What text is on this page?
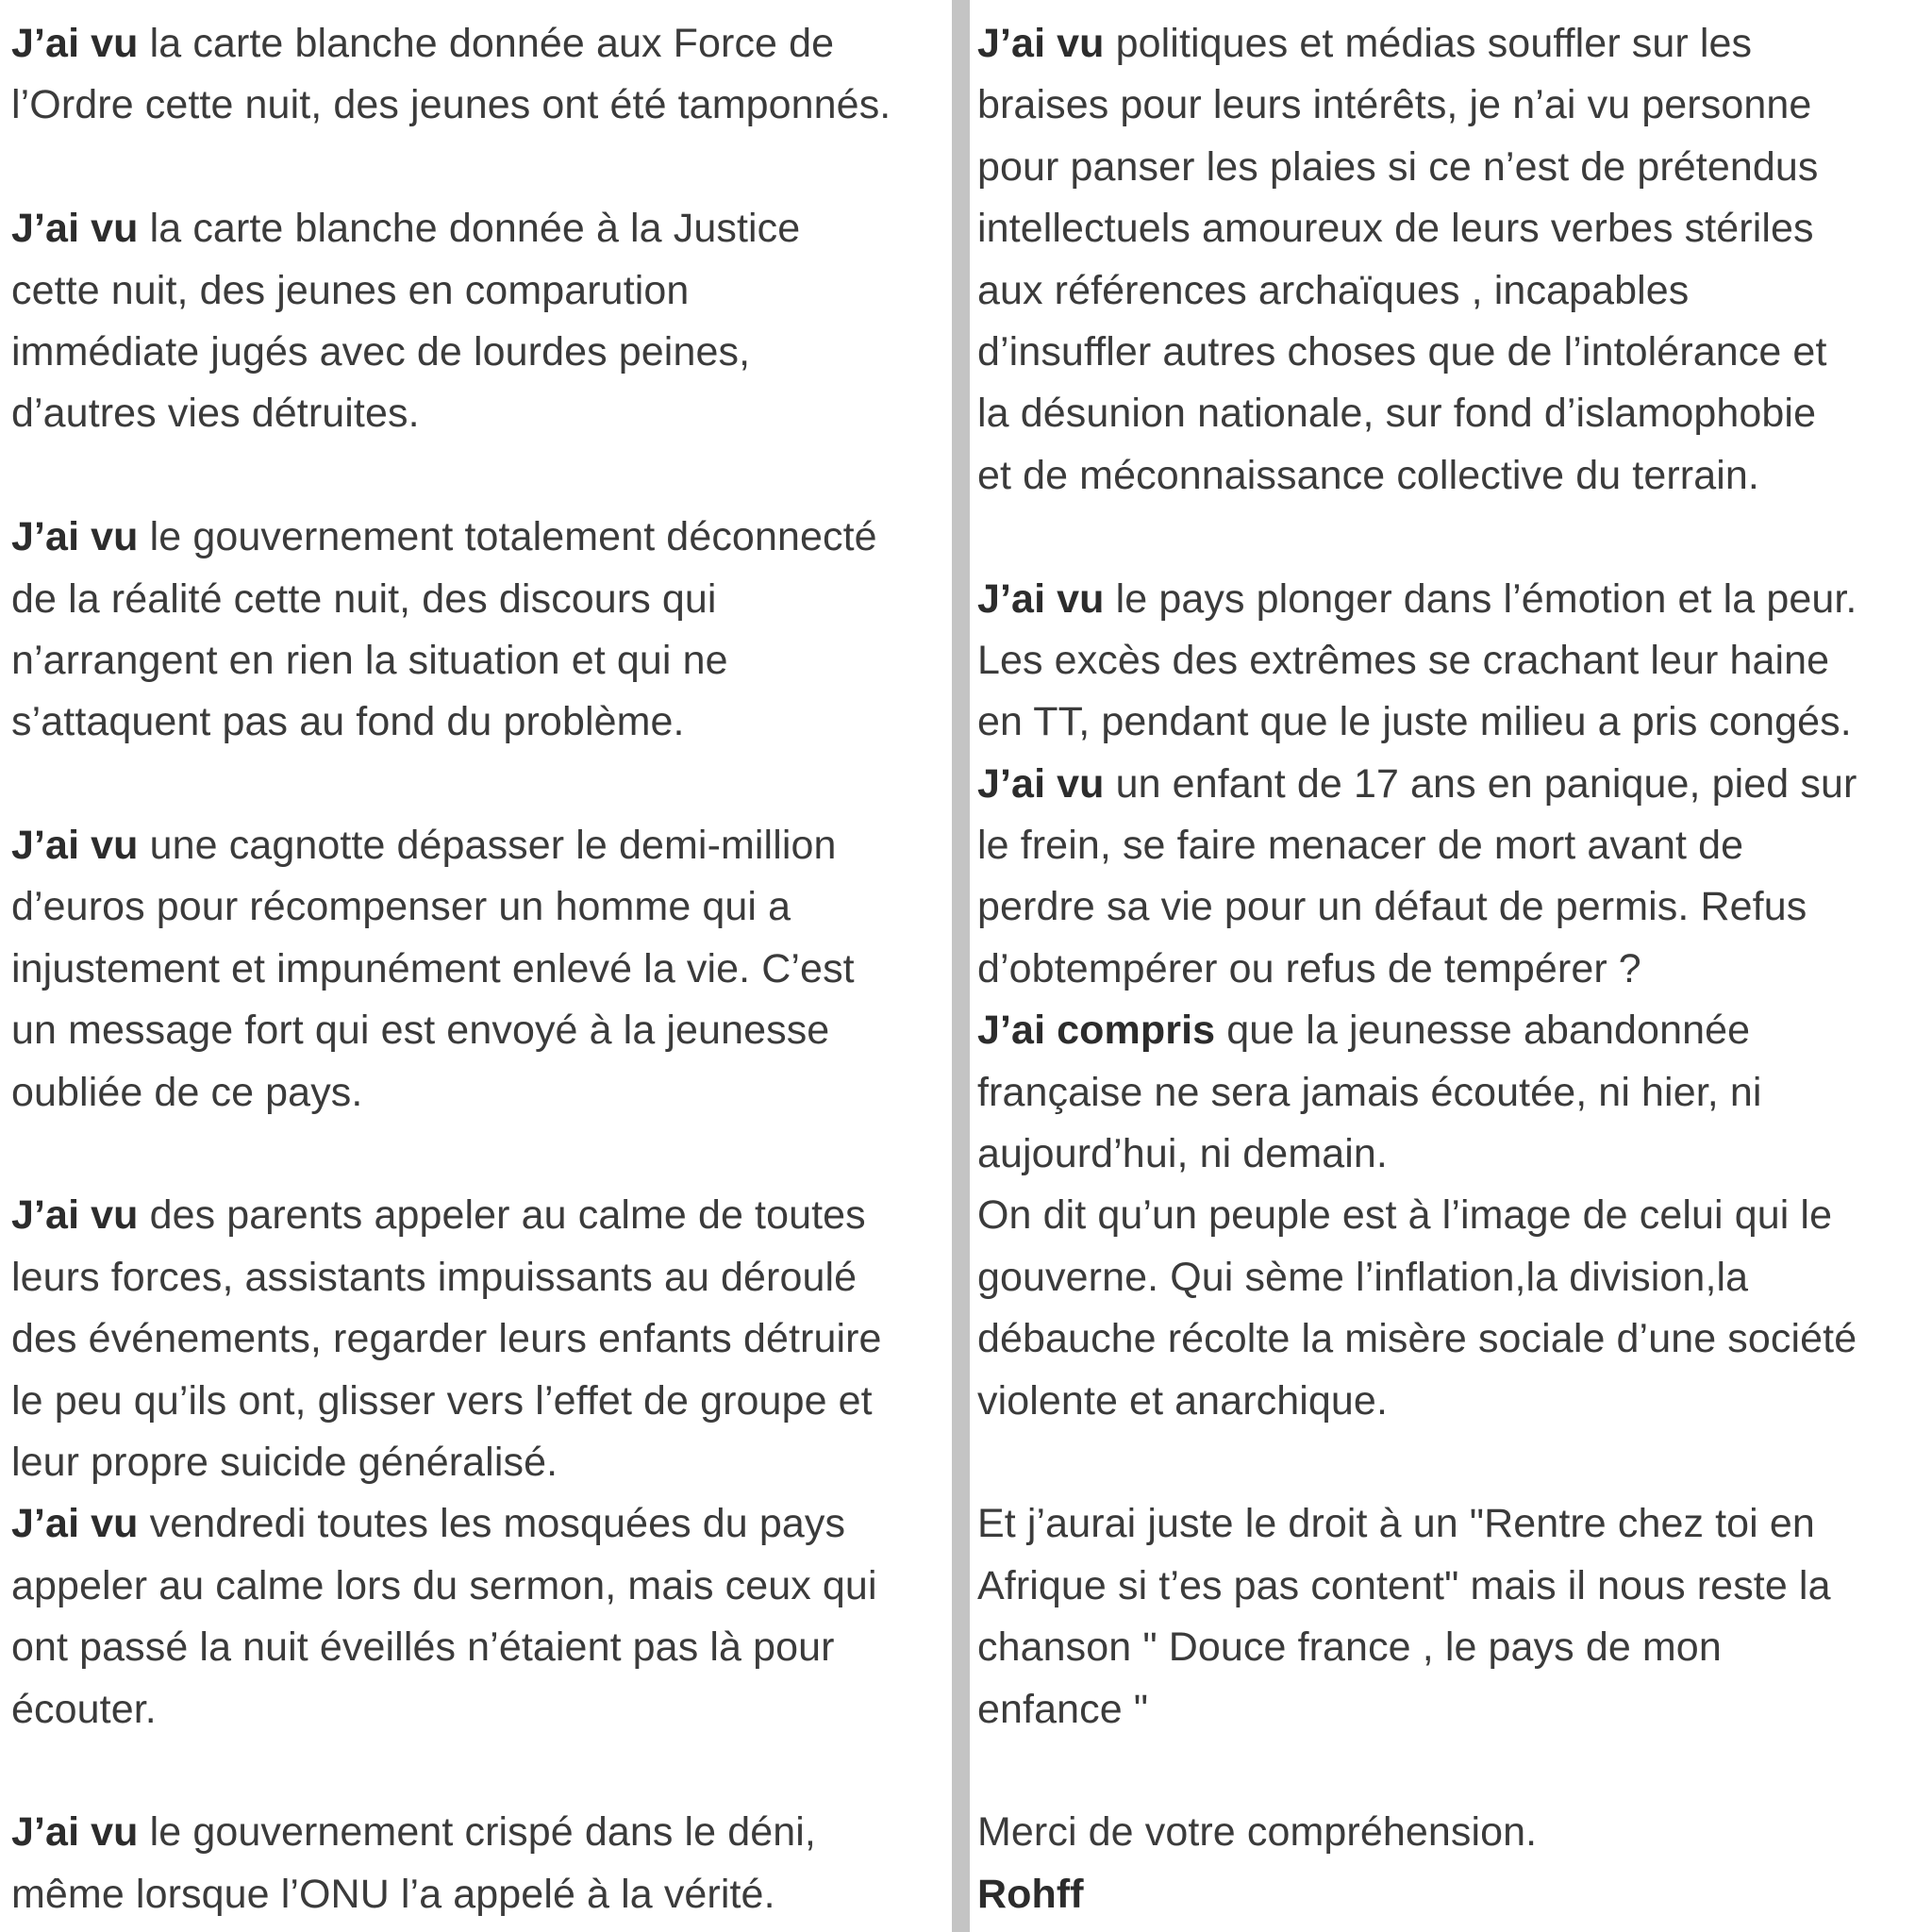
J’ai vu la carte blanche donnée aux Force de
l’Ordre cette nuit, des jeunes ont été tamponnés.
J’ai vu la carte blanche donnée à la Justice
cette nuit, des jeunes en comparution
immédiate jugés avec de lourdes peines,
d’autres vies détruites.
J’ai vu le gouvernement totalement déconnecté
de la réalité cette nuit, des discours qui
n’arrangent en rien la situation et qui ne
s’attaquent pas au fond du problème.
J’ai vu une cagnotte dépasser le demi-million
d’euros pour récompenser un homme qui a
injustement et impunément enlevé la vie. C’est
un message fort qui est envoyé à la jeunesse
oubliée de ce pays.
J’ai vu des parents appeler au calme de toutes
leurs forces, assistants impuissants au déroulé
des événements, regarder leurs enfants détruire
le peu qu’ils ont, glisser vers l’effet de groupe et
leur propre suicide généralisé.
J’ai vu vendredi toutes les mosquées du pays
appeler au calme lors du sermon, mais ceux qui
ont passé la nuit éveillés n’étaient pas là pour
écouter.
J’ai vu le gouvernement crispé dans le déni,
même lorsque l’ONU l’a appelé à la vérité.
J’ai vu politiques et médias souffler sur les
braises pour leurs intérêts, je n’ai vu personne
pour panser les plaies si ce n’est de prétendus
intellectuels amoureux de leurs verbes stériles
aux références archaïques , incapables
d’insuffler autres choses que de l’intolérance et
la désunion nationale, sur fond d’islamophobie
et de méconnaissance collective du terrain.
J’ai vu le pays plonger dans l’émotion et la peur.
Les excès des extrêmes se crachant leur haine
en TT, pendant que le juste milieu a pris congés.
J’ai vu un enfant de 17 ans en panique, pied sur
le frein, se faire menacer de mort avant de
perdre sa vie pour un défaut de permis. Refus
d’obtempérer ou refus de tempérer ?
J’ai compris que la jeunesse abandonnée
française ne sera jamais écoutée, ni hier, ni
aujourd’hui, ni demain.
On dit qu’un peuple est à l’image de celui qui le
gouverne. Qui sème l’inflation,la division,la
débauche récolte la misère sociale d’une société
violente et anarchique.
Et j’aurai juste le droit à un "Rentre chez toi en
Afrique si t’es pas content" mais il nous reste la
chanson " Douce france , le pays de mon
enfance "
Merci de votre compréhension.
Rohff
